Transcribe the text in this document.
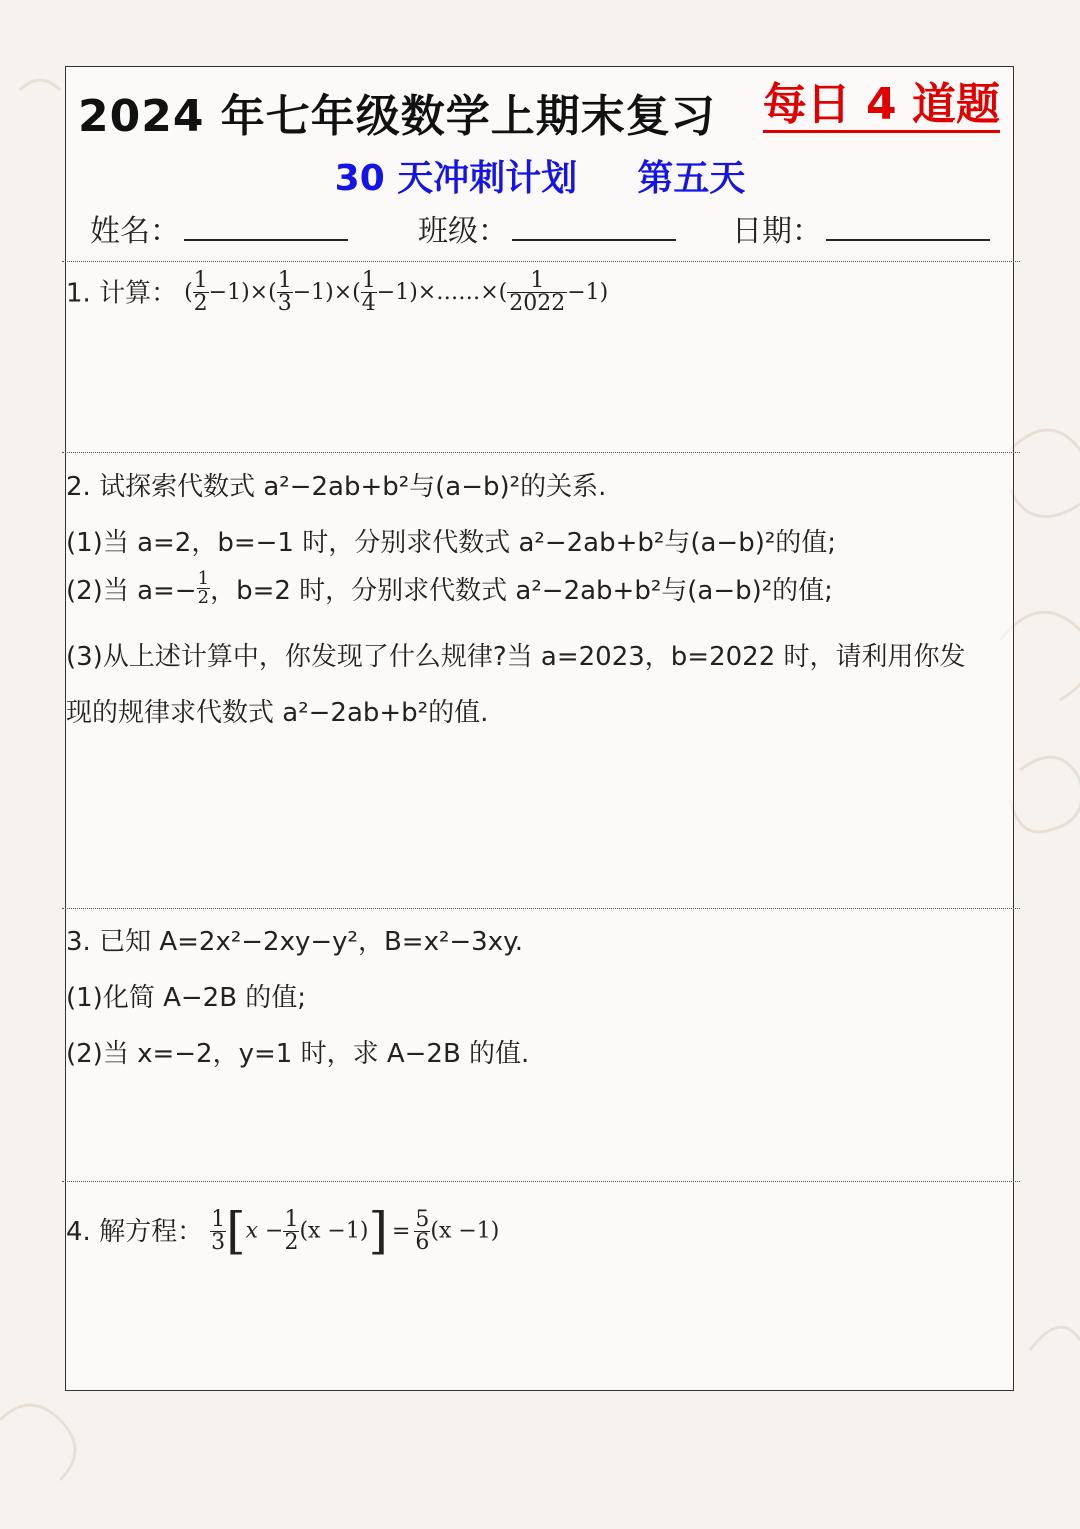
2024 年七年级数学上期末复习 每日 4 道题
30 天冲刺计划 第五天
姓名：	班级：	日期：
1. 计算： ( $\frac{1}{2} -1)\times( \frac{1}{3} -1)\times( \frac{1}{4}$ −1)×……×( $\frac{1}{2022} -1$)
2. 试探索代数式 a²−2ab+b²与(a−b)²的关系.
(1)当 a=2，b=−1 时，分别求代数式 a²−2ab+b²与(a−b)²的值;
(2)当 $a=- \frac{1}{2}$ ，b=2 时，分别求代数式 a²−2ab+b²与(a−b)²的值;
(3)从上述计算中，你发现了什么规律?当 a=2023，b=2022 时，请利用你发
现的规律求代数式 a²−2ab+b²的值.
3. 已知 A=2x²−2xy−y²，B=x²−3xy.
(1)化简 A−2B 的值;
(2)当 x=−2，y=1 时，求 A−2B 的值.
4. 解方程： $\frac{1}{3} [x - \frac{1}{2} (x -1)] = \frac{5}{6} (x -1)$
